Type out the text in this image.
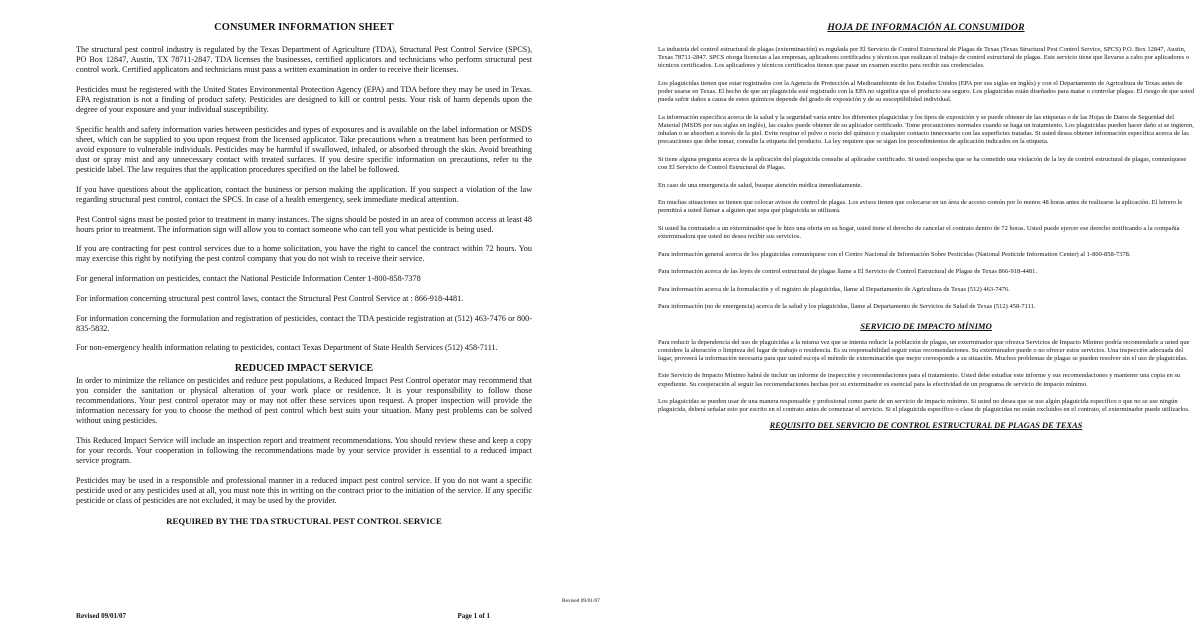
CONSUMER INFORMATION SHEET

The structural pest control industry is regulated by the Texas Department of Agriculture (TDA), Structural Pest Control Service (SPCS), PO Box 12847, Austin, TX 78711-2847. TDA licenses the businesses, certified applicators and technicians who perform structural pest control work. Certified applicators and technicians must pass a written examination in order to receive their licenses.

Pesticides must be registered with the United States Environmental Protection Agency (EPA) and TDA before they may be used in Texas. EPA registration is not a finding of product safety. Pesticides are designed to kill or control pests. Your risk of harm depends upon the degree of your exposure and your individual susceptibility.

Specific health and safety information varies between pesticides and types of exposures and is available on the label information or MSDS sheet, which can be supplied to you upon request from the licensed applicator. Take precautions when a treatment has been performed to avoid exposure to vulnerable individuals. Pesticides may be harmful if swallowed, inhaled, or absorbed through the skin. Avoid breathing dust or spray mist and any unnecessary contact with treated surfaces. If you desire specific information on precautions, refer to the pesticide label. The law requires that the application procedures specified on the label be followed.

If you have questions about the application, contact the business or person making the application. If you suspect a violation of the law regarding structural pest control, contact the SPCS. In case of a health emergency, seek immediate medical attention.

Pest Control signs must be posted prior to treatment in many instances. The signs should be posted in an area of common access at least 48 hours prior to treatment. The information sign will allow you to contact someone who can tell you what pesticide is being used.

If you are contracting for pest control services due to a home solicitation, you have the right to cancel the contract within 72 hours. You may exercise this right by notifying the pest control company that you do not wish to receive their service.

For general information on pesticides, contact the National Pesticide Information Center 1-800-858-7378

For information concerning structural pest control laws, contact the Structural Pest Control Service at : 866-918-4481.

For information concerning the formulation and registration of pesticides, contact the TDA pesticide registration at (512) 463-7476 or 800-835-5832.

For non-emergency health information relating to pesticides, contact Texas Department of State Health Services (512) 458-7111.

REDUCED IMPACT SERVICE

In order to minimize the reliance on pesticides and reduce pest populations, a Reduced Impact Pest Control operator may recommend that you consider the sanitation or physical alteration of your work place or residence. It is your responsibility to follow those recommendations. Your pest control operator may or may not offer these services upon request. A proper inspection will provide the information necessary for you to choose the method of pest control which best suits your situation. Many pest problems can be solved without using pesticides.

This Reduced Impact Service will include an inspection report and treatment recommendations. You should review these and keep a copy for your records. Your cooperation in following the recommendations made by your service provider is essential to a reduced impact service program.

Pesticides may be used in a responsible and professional manner in a reduced impact pest control service. If you do not want a specific pesticide used or any pesticides used at all, you must note this in writing on the contract prior to the initiation of the service. If any specific pesticide or class of pesticides are not excluded, it may be used by the provider.

REQUIRED BY THE TDA STRUCTURAL PEST CONTROL SERVICE
Revised 09/01/07	Page 1 of 1
HOJA DE INFORMACIÓN AL CONSUMIDOR

La industria del control estructural de plagas (exterminación) es regulada por El Servicio de Control Estructural de Plagas de Texas (Texas Structural Pest Control Service, SPCS) P.O. Box 12847, Austin, Texas 78711-2847. SPCS otorga licencias a las empresas, aplicadores certificados y técnicos que realizan el trabajo de control estructural de plagas. Este servicio tiene que llevarse a cabo por aplicadores o técnicos certificados. Los aplicadores y técnicos certificados tienen que pasar un examen escrito para recibir sus credenciales.

Los plaguicidas tienen que estar registrados con la Agencia de Protección al Medioambiente de los Estados Unidos (EPA por sus siglas en inglés) y con el Departamento de Agricultura de Texas antes de poder usarse en Texas. El hecho de que un plaguicida esté registrado con la EPA no significa que el producto sea seguro. Los plaguicidas están diseñados para matar o controlar plagas. El riesgo de que usted pueda sufrir daños a causa de estos químicos depende del grado de exposición y de su susceptibilidad individual.

La información específica acerca de la salud y la seguridad varía entre los diferentes plaguicidas y los tipos de exposición y se puede obtener de las etiquetas o de las Hojas de Datos de Seguridad del Material (MSDS por sus siglas en inglés), las cuales puede obtener de su aplicador certificado. Tome precauciones normales cuando se haga un tratamiento. Los plaguicidas pueden hacer daño si se ingieren, inhalan o se absorben a través de la piel. Evite respirar el polvo o rocío del químico y cualquier contacto innecesario con las superficies tratadas. Si usted desea obtener información específica acerca de las precauciones que debe tomar, consulte la etiqueta del producto. La ley requiere que se sigan los procedimientos de aplicación indicados en la etiqueta.

Si tiene alguna pregunta acerca de la aplicación del plaguicida consulte al aplicador certificado. Si usted sospecha que se ha cometido una violación de la ley de control estructural de plagas, comuníquese con El Servicio de Control Estructural de Plagas.

En caso de una emergencia de salud, busque atención médica inmediatamente.

En muchas situaciones se tienen que colocar avisos de control de plagas. Los avisos tienen que colocarse en un área de acceso común por lo menos 48 horas antes de realizarse la aplicación. El letrero le permitirá a usted llamar a alguien que sepa qué plaguicida se utilizará.

Si usted ha contratado a un exterminador que le hizo una oferta en su hogar, usted tiene el derecho de cancelar el contrato dentro de 72 horas. Usted puede ejercer ese derecho notificando a la compañía exterminadora que usted no desea recibir sus servicios.

Para información general acerca de los plaguicidas comuníquese con el Centro Nacional de Información Sobre Pesticidas (National Pesticide Information Center) al 1-800-858-7378.

Para información acerca de las leyes de control estructural de plagas llame a El Servicio de Control Estructural de Plagas de Texas 866-918-4481.

Para información acerca de la formulación y el registro de plaguicidas, llame al Departamento de Agricultura de Texas (512) 463-7476.

Para información (no de emergencia) acerca de la salud y los plaguicidas, llame al Departamento de Servicios de Salud de Texas (512) 458-7111.

SERVICIO DE IMPACTO MÍNIMO

Para reducir la dependencia del uso de plaguicidas a la misma vez que se intenta reducir la población de plagas, un exterminador que ofrezca Servicios de Impacto Mínimo podría recomendarle a usted que considere la alteración o limpieza del lugar de trabajo o residencia. Es su responsabilidad seguir estas recomendaciones. Su exterminador puede o no ofrecer estos servicios. Una inspección adecuada del lugar, proveerá la información necesaria para que usted escoja el método de exterminación que mejor corresponde a su situación. Muchos problemas de plagas se pueden resolver sin el uso de plaguicidas.

Este Servicio de Impacto Mínimo habrá de incluir un informe de inspección y recomendaciones para el tratamiento. Usted debe estudiar este informe y sus recomendaciones y mantener una copia en su expediente. Su cooperación al seguir las recomendaciones hechas por su exterminador es esencial para la efectividad de un programa de servicio de impacto mínimo.

Los plaguicidas se pueden usar de una manera responsable y profesional como parte de un servicio de impacto mínimo. Si usted no desea que se use algún plaguicida específico o que no se use ningún plaguicida, deberá señalar esto por escrito en el contrato antes de comenzar el servicio. Si el plaguicida específico o clase de plaguicidas no están excluidos en el contrato, el exterminador puede utilizarlos.

REQUISITO DEL SERVICIO DE CONTROL ESTRUCTURAL DE PLAGAS DE TEXAS
Revised 09/01/07
